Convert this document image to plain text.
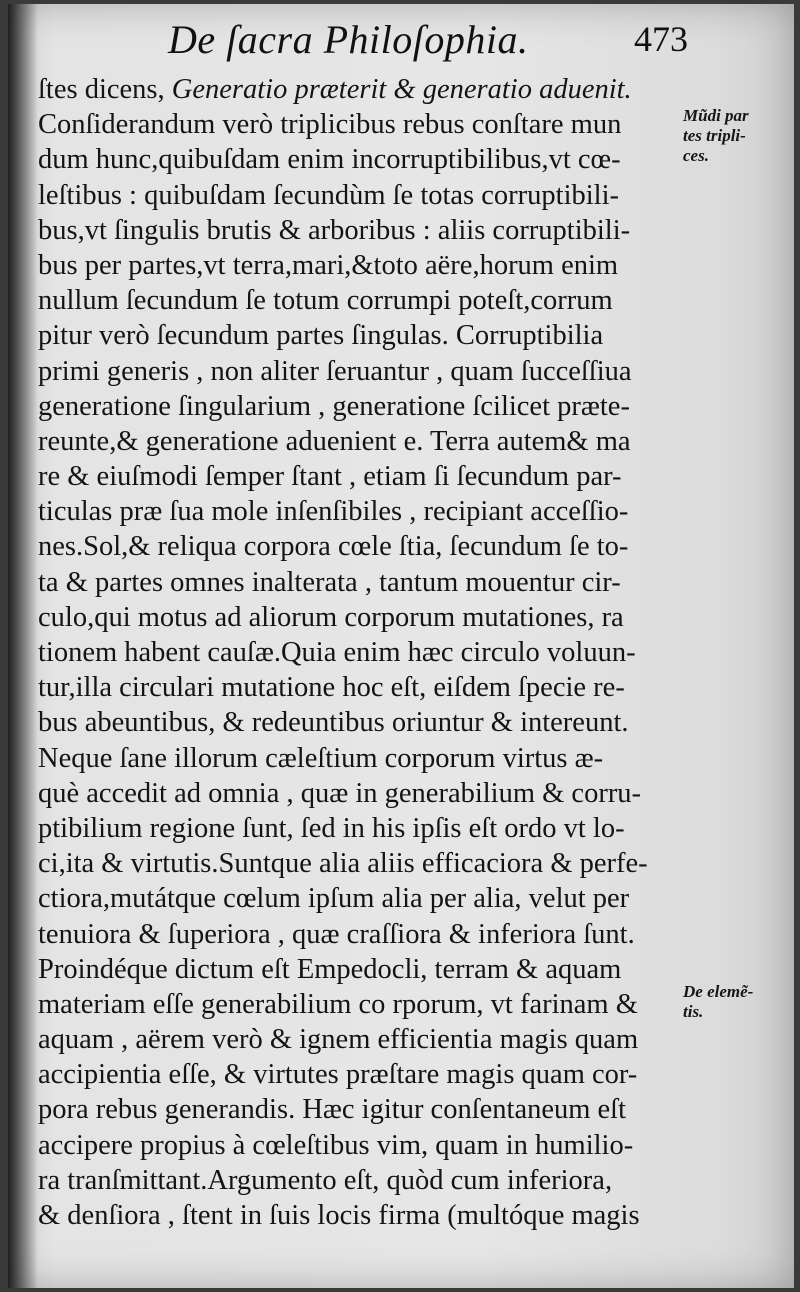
De ſacra Philoſophia.	473
ſtes dicens, Generatio præterit & generatio aduenit.
Conſiderandum verò triplicibus rebus conſtare mun
dum hunc,quibuſdam enim incorruptibilibus,vt cœ-
leſtibus : quibuſdam ſecundùm ſe totas corruptibili-
bus,vt ſingulis brutis & arboribus : aliis corruptibili-
bus per partes,vt terra,mari,&toto aëre,horum enim
nullum ſecundum ſe totum corrumpi poteſt,corrum
pitur verò ſecundum partes ſingulas. Corruptibilia
primi generis , non aliter ſeruantur , quam ſucceſſiua
generatione ſingularium , generatione ſcilicet præte-
reunte,& generatione aduenient e. Terra autem& ma
re & eiuſmodi ſemper ſtant , etiam ſi ſecundum par-
ticulas præ ſua mole inſenſibiles , recipiant acceſſio-
nes.Sol,& reliqua corpora cœle ſtia, ſecundum ſe to-
ta & partes omnes inalterata , tantum mouentur cir-
culo,qui motus ad aliorum corporum mutationes, ra
tionem habent cauſæ.Quia enim hæc circulo voluun-
tur,illa circulari mutatione hoc eſt, eiſdem ſpecie re-
bus abeuntibus, & redeuntibus oriuntur & intereunt.
Neque ſane illorum cæleſtium corporum virtus æ-
què accedit ad omnia , quæ in generabilium & corru-
ptibilium regione ſunt, ſed in his ipſis eſt ordo vt lo-
ci,ita & virtutis.Suntque alia aliis efficaciora & perfe-
ctiora,mutátque cœlum ipſum alia per alia, velut per
tenuiora & ſuperiora , quæ craſſiora & inferiora ſunt.
Proindéque dictum eſt Empedocli, terram & aquam
materiam eſſe generabilium co rporum, vt farinam &
aquam , aërem verò & ignem efficientia magis quam
accipientia eſſe, & virtutes præſtare magis quam cor-
pora rebus generandis. Hæc igitur conſentaneum eſt
accipere propius à cœleſtibus vim, quam in humilio-
ra tranſmittant.Argumento eſt, quòd cum inferiora,
& denſiora , ſtent in ſuis locis firma (multóque magis
Mũdi par
tes tripli-
ces.
De elemẽ-
tis.
